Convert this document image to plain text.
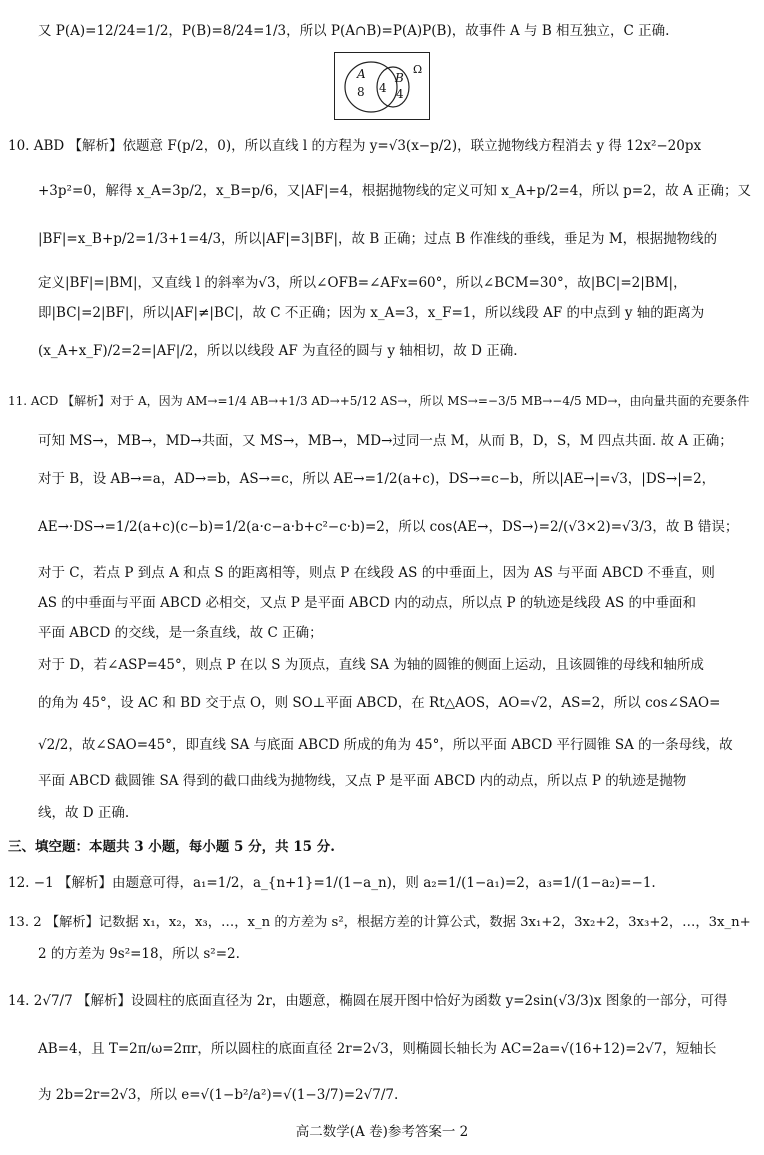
又 P(A)=12/24=1/2，P(B)=8/24=1/3，所以 P(A∩B)=P(A)P(B)，故事件 A 与 B 相互独立，C 正确.
A
8 4
B
4
Ω
10. ABD 【解析】依题意 F(p/2，0)，所以直线 l 的方程为 y=√3(x−p/2)，联立抛物线方程消去 y 得 12x²−20px
+3p²=0，解得 x_A=3p/2，x_B=p/6，又|AF|=4，根据抛物线的定义可知 x_A+p/2=4，所以 p=2，故 A 正确；又
|BF|=x_B+p/2=1/3+1=4/3，所以|AF|=3|BF|，故 B 正确；过点 B 作准线的垂线，垂足为 M，根据抛物线的
定义|BF|=|BM|，又直线 l 的斜率为√3，所以∠OFB=∠AFx=60°，所以∠BCM=30°，故|BC|=2|BM|，
即|BC|=2|BF|，所以|AF|≠|BC|，故 C 不正确；因为 x_A=3，x_F=1，所以线段 AF 的中点到 y 轴的距离为
(x_A+x_F)/2=2=|AF|/2，所以以线段 AF 为直径的圆与 y 轴相切，故 D 正确.
11. ACD 【解析】对于 A，因为 AM→=1/4 AB→+1/3 AD→+5/12 AS→，所以 MS→=−3/5 MB→−4/5 MD→，由向量共面的充要条件
可知 MS→，MB→，MD→共面，又 MS→，MB→，MD→过同一点 M，从而 B，D，S，M 四点共面. 故 A 正确；
对于 B，设 AB→=a，AD→=b，AS→=c，所以 AE→=1/2(a+c)，DS→=c−b，所以|AE→|=√3，|DS→|=2，
AE→·DS→=1/2(a+c)(c−b)=1/2(a·c−a·b+c²−c·b)=2，所以 cos⟨AE→，DS→⟩=2/(√3×2)=√3/3，故 B 错误；
对于 C，若点 P 到点 A 和点 S 的距离相等，则点 P 在线段 AS 的中垂面上，因为 AS 与平面 ABCD 不垂直，则
AS 的中垂面与平面 ABCD 必相交，又点 P 是平面 ABCD 内的动点，所以点 P 的轨迹是线段 AS 的中垂面和
平面 ABCD 的交线，是一条直线，故 C 正确；
对于 D，若∠ASP=45°，则点 P 在以 S 为顶点，直线 SA 为轴的圆锥的侧面上运动，且该圆锥的母线和轴所成
的角为 45°，设 AC 和 BD 交于点 O，则 SO⊥平面 ABCD，在 Rt△AOS，AO=√2，AS=2，所以 cos∠SAO=
√2/2，故∠SAO=45°，即直线 SA 与底面 ABCD 所成的角为 45°，所以平面 ABCD 平行圆锥 SA 的一条母线，故
平面 ABCD 截圆锥 SA 得到的截口曲线为抛物线，又点 P 是平面 ABCD 内的动点，所以点 P 的轨迹是抛物
线，故 D 正确.
三、填空题：本题共 3 小题，每小题 5 分，共 15 分.
12. −1 【解析】由题意可得，a₁=1/2，a_{n+1}=1/(1−a_n)，则 a₂=1/(1−a₁)=2，a₃=1/(1−a₂)=−1.
13. 2 【解析】记数据 x₁，x₂，x₃，…，x_n 的方差为 s²，根据方差的计算公式，数据 3x₁+2，3x₂+2，3x₃+2，…，3x_n+
2 的方差为 9s²=18，所以 s²=2.
14. 2√7/7 【解析】设圆柱的底面直径为 2r，由题意，椭圆在展开图中恰好为函数 y=2sin(√3/3)x 图象的一部分，可得
AB=4，且 T=2π/ω=2πr，所以圆柱的底面直径 2r=2√3，则椭圆长轴长为 AC=2a=√(16+12)=2√7，短轴长
为 2b=2r=2√3，所以 e=√(1−b²/a²)=√(1−3/7)=2√7/7.
高二数学(A 卷)参考答案一 2
